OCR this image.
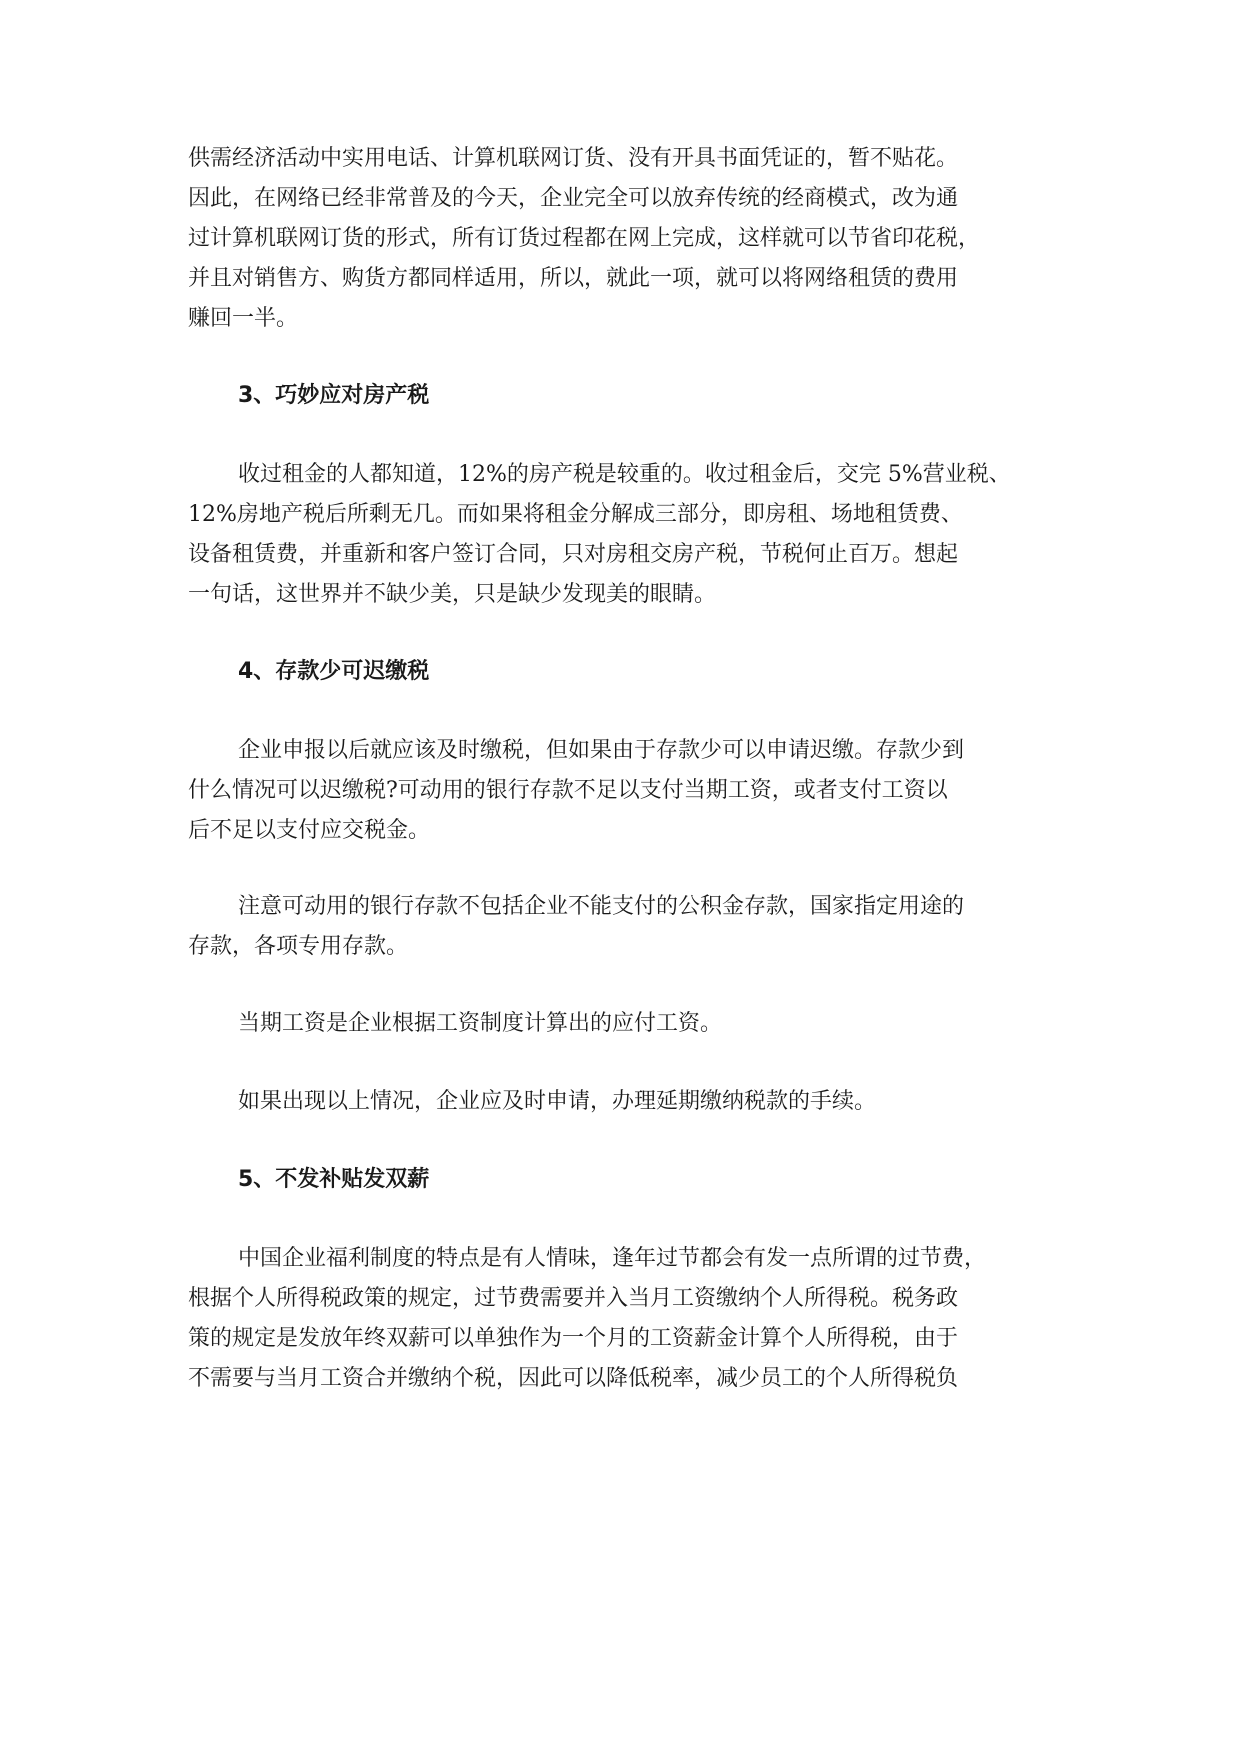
供需经济活动中实用电话、计算机联网订货、没有开具书面凭证的，暂不贴花。
因此，在网络已经非常普及的今天，企业完全可以放弃传统的经商模式，改为通
过计算机联网订货的形式，所有订货过程都在网上完成，这样就可以节省印花税，
并且对销售方、购货方都同样适用，所以，就此一项，就可以将网络租赁的费用
赚回一半。

3、巧妙应对房产税

收过租金的人都知道，12%的房产税是较重的。收过租金后，交完 5%营业税、
12%房地产税后所剩无几。而如果将租金分解成三部分，即房租、场地租赁费、
设备租赁费，并重新和客户签订合同，只对房租交房产税，节税何止百万。想起
一句话，这世界并不缺少美，只是缺少发现美的眼睛。

4、存款少可迟缴税

企业申报以后就应该及时缴税，但如果由于存款少可以申请迟缴。存款少到
什么情况可以迟缴税?可动用的银行存款不足以支付当期工资，或者支付工资以
后不足以支付应交税金。

注意可动用的银行存款不包括企业不能支付的公积金存款，国家指定用途的
存款，各项专用存款。

当期工资是企业根据工资制度计算出的应付工资。

如果出现以上情况，企业应及时申请，办理延期缴纳税款的手续。

5、不发补贴发双薪

中国企业福利制度的特点是有人情味，逢年过节都会有发一点所谓的过节费，
根据个人所得税政策的规定，过节费需要并入当月工资缴纳个人所得税。税务政
策的规定是发放年终双薪可以单独作为一个月的工资薪金计算个人所得税，由于
不需要与当月工资合并缴纳个税，因此可以降低税率，减少员工的个人所得税负
